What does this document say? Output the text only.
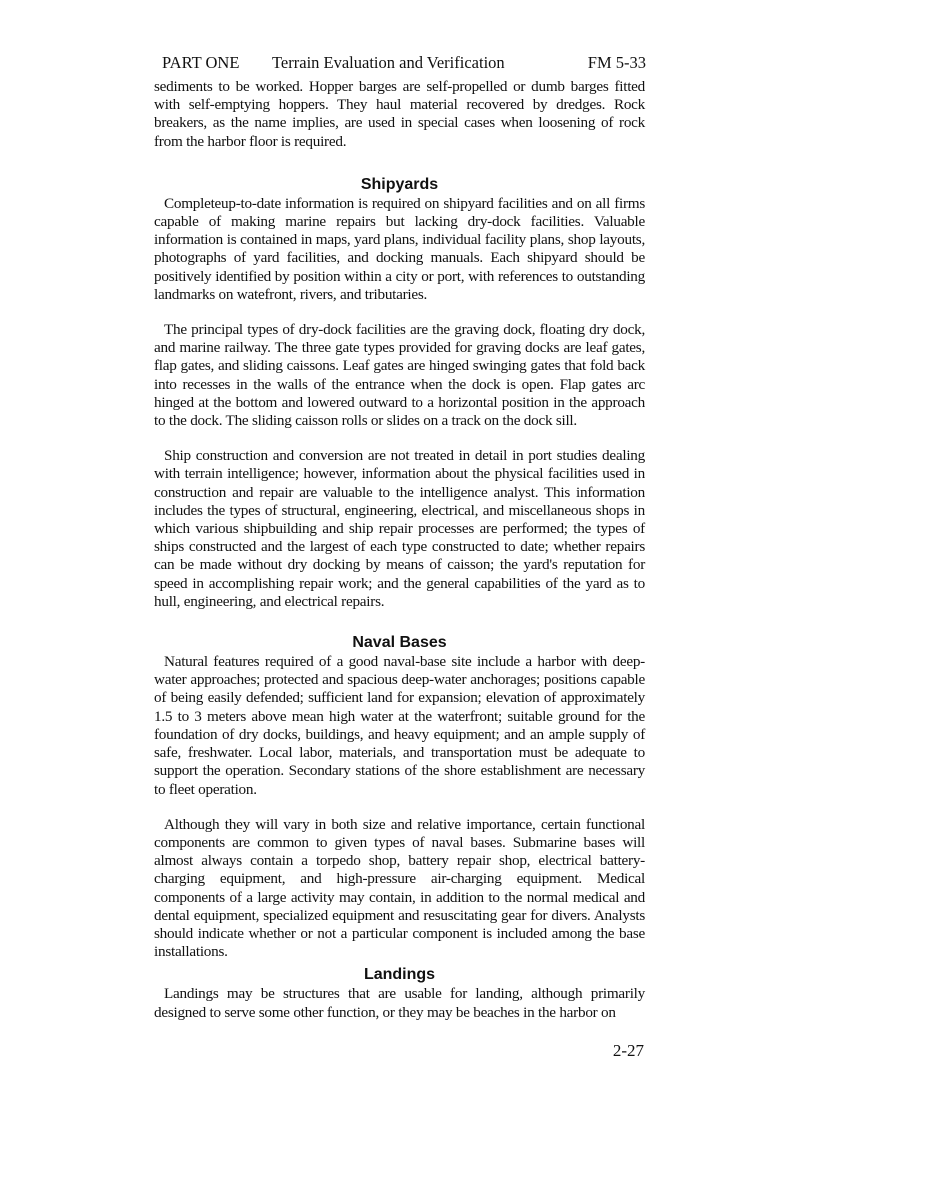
PART ONE Terrain Evaluation and Verification	FM 5-33

sediments to be worked. Hopper barges are self-propelled or dumb barges fitted with self-emptying hoppers. They haul material recovered by dredges. Rock breakers, as the name implies, are used in special cases when loosening of rock from the harbor floor is required.

Shipyards

Completeup-to-date information is required on shipyard facilities and on all firms capable of making marine repairs but lacking dry-dock facilities. Valuable information is contained in maps, yard plans, individual facility plans, shop layouts, photographs of yard facilities, and docking manuals. Each shipyard should be positively identified by position within a city or port, with references to outstanding landmarks on watefront, rivers, and tributaries.

The principal types of dry-dock facilities are the graving dock, floating dry dock, and marine railway. The three gate types provided for graving docks are leaf gates, flap gates, and sliding caissons. Leaf gates are hinged swinging gates that fold back into recesses in the walls of the entrance when the dock is open. Flap gates arc hinged at the bottom and lowered outward to a horizontal position in the approach to the dock. The sliding caisson rolls or slides on a track on the dock sill.

Ship construction and conversion are not treated in detail in port studies dealing with terrain intelligence; however, information about the physical facilities used in construction and repair are valuable to the intelligence analyst. This information includes the types of structural, engineering, electrical, and miscellaneous shops in which various shipbuilding and ship repair processes are performed; the types of ships constructed and the largest of each type constructed to date; whether repairs can be made without dry docking by means of caisson; the yard's reputation for speed in accomplishing repair work; and the general capabilities of the yard as to hull, engineering, and electrical repairs.

Naval Bases

Natural features required of a good naval-base site include a harbor with deep-water approaches; protected and spacious deep-water anchorages; positions capable of being easily defended; sufficient land for expansion; elevation of approximately 1.5 to 3 meters above mean high water at the waterfront; suitable ground for the foundation of dry docks, buildings, and heavy equipment; and an ample supply of safe, freshwater. Local labor, materials, and transportation must be adequate to support the operation. Secondary stations of the shore establishment are necessary to fleet operation.

Although they will vary in both size and relative importance, certain functional components are common to given types of naval bases. Submarine bases will almost always contain a torpedo shop, battery repair shop, electrical battery-charging equipment, and high-pressure air-charging equipment. Medical components of a large activity may contain, in addition to the normal medical and dental equipment, specialized equipment and resuscitating gear for divers. Analysts should indicate whether or not a particular component is included among the base installations.

Landings

Landings may be structures that are usable for landing, although primarily designed to serve some other function, or they may be beaches in the harbor on

2-27
